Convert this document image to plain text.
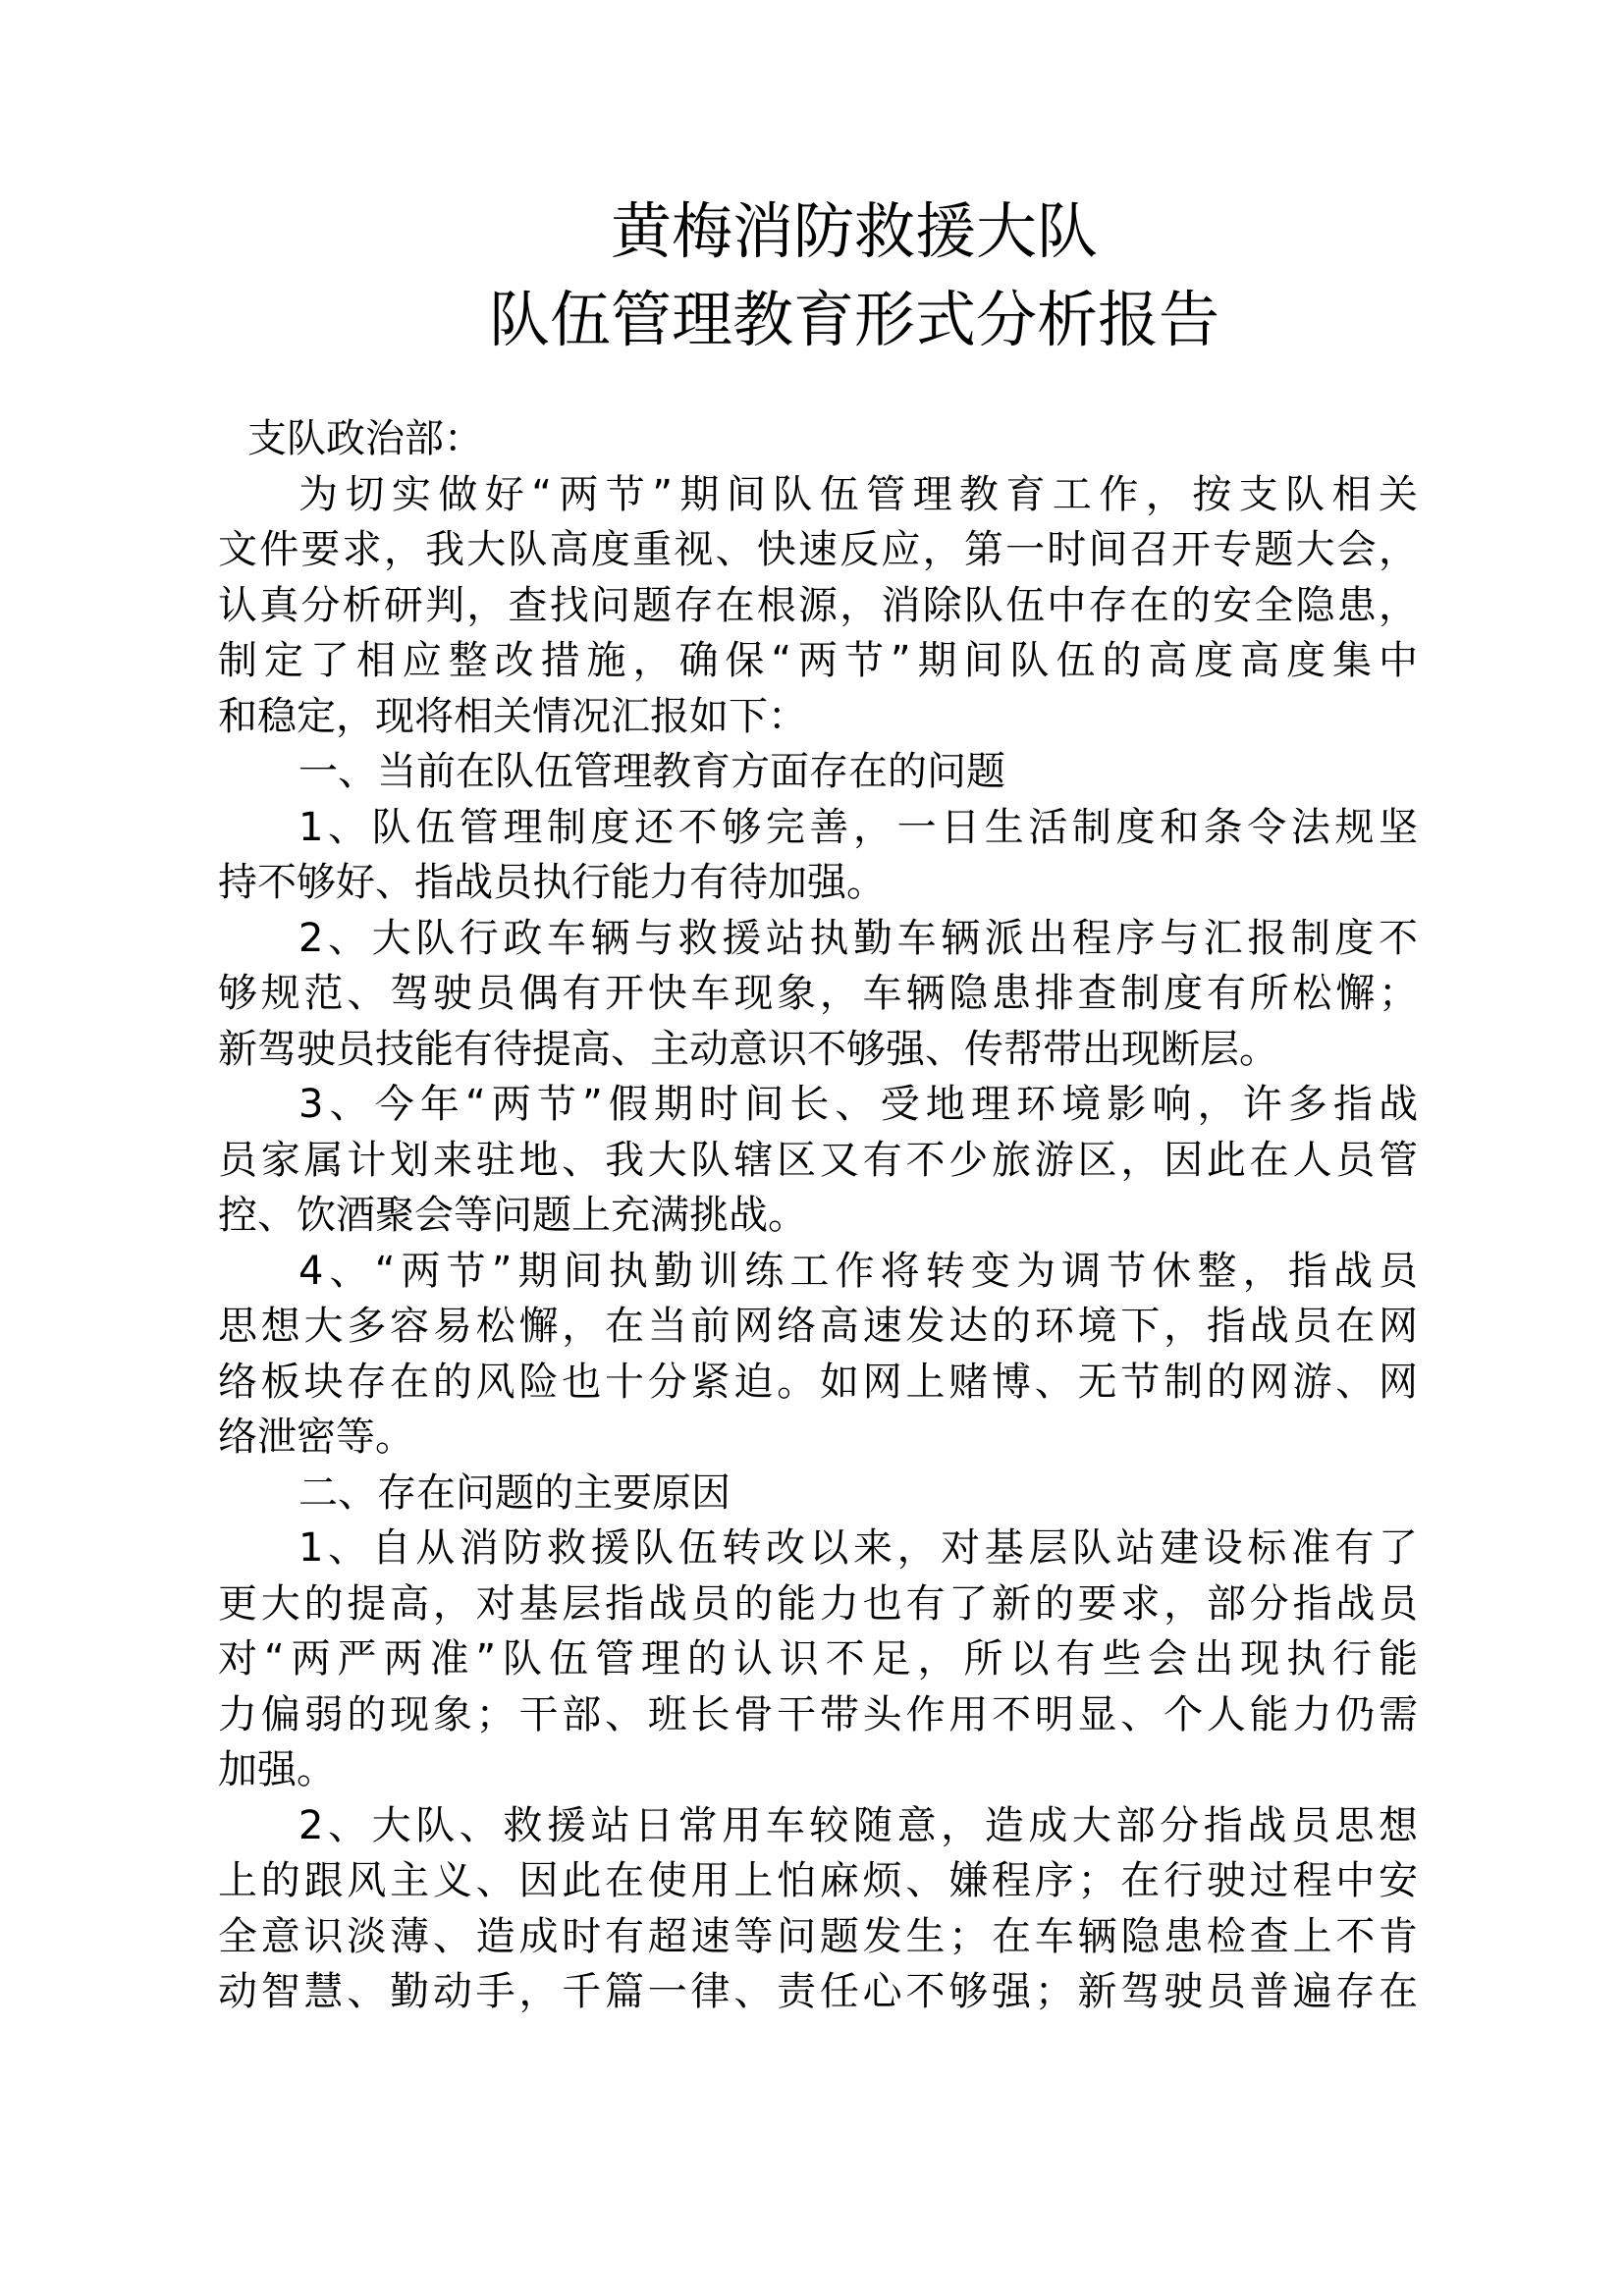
黄梅消防救援大队
队伍管理教育形式分析报告
支队政治部：
为切实做好“两节”期间队伍管理教育工作，按支队相关
文件要求，我大队高度重视、快速反应，第一时间召开专题大会，
认真分析研判，查找问题存在根源，消除队伍中存在的安全隐患，
制定了相应整改措施，确保“两节”期间队伍的高度高度集中
和稳定，现将相关情况汇报如下：
一、当前在队伍管理教育方面存在的问题
1、队伍管理制度还不够完善，一日生活制度和条令法规坚
持不够好、指战员执行能力有待加强。
2、大队行政车辆与救援站执勤车辆派出程序与汇报制度不
够规范、驾驶员偶有开快车现象，车辆隐患排查制度有所松懈；
新驾驶员技能有待提高、主动意识不够强、传帮带出现断层。
3、今年“两节”假期时间长、受地理环境影响，许多指战
员家属计划来驻地、我大队辖区又有不少旅游区，因此在人员管
控、饮酒聚会等问题上充满挑战。
4、“两节”期间执勤训练工作将转变为调节休整，指战员
思想大多容易松懈，在当前网络高速发达的环境下，指战员在网
络板块存在的风险也十分紧迫。如网上赌博、无节制的网游、网
络泄密等。
二、存在问题的主要原因
1、自从消防救援队伍转改以来，对基层队站建设标准有了
更大的提高，对基层指战员的能力也有了新的要求，部分指战员
对“两严两准”队伍管理的认识不足，所以有些会出现执行能
力偏弱的现象；干部、班长骨干带头作用不明显、个人能力仍需
加强。
2、大队、救援站日常用车较随意，造成大部分指战员思想
上的跟风主义、因此在使用上怕麻烦、嫌程序；在行驶过程中安
全意识淡薄、造成时有超速等问题发生；在车辆隐患检查上不肯
动智慧、勤动手，千篇一律、责任心不够强；新驾驶员普遍存在
